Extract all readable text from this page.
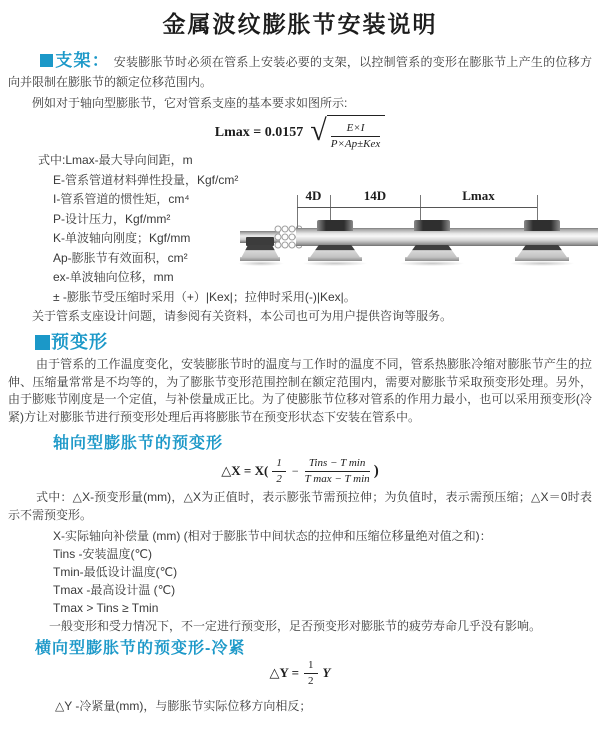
金属波纹膨胀节安装说明

支架： 安装膨胀节时必须在管系上安装必要的支架，以控制管系的变形在膨胀节上产生的位移方向并限制在膨胀节的额定位移范围内。

例如对于轴向型膨胀节，它对管系支座的基本要求如图所示:

Lmax = 0.0157 √ $\frac{E\times I}{\text{P×Ap±Kex}}$
式中:Lmax-最大导向间距，m
E-管系管道材料弹性投量，Kgf/cm²
I-管系管道的惯性矩，cm⁴
P-设计压力，Kgf/mm²
K-单波轴向刚度；Kgf/mm
Ap-膨胀节有效面积，cm²
ex-单波轴向位移，mm
± -膨胀节受压缩时采用（+）|Kex|；拉伸时采用(-)|Kex|。

关于管系支座设计问题，请参阅有关资料，本公司也可为用户提供咨询等服务。

预变形

由于管系的工作温度变化，安装膨胀节时的温度与工作时的温度不同，管系热膨胀冷缩对膨胀节产生的拉伸、压缩量常常是不均等的，为了膨胀节变形范围控制在额定范围内，需要对膨胀节采取预变形处理。另外，由于膨账节刚度是一个定值，与补偿量成正比。为了使膨胀节位移对管系的作用力最小，也可以采用预变形(冷紧)方让对膨胀节进行预变形处理后再将膨胀节在预变形状态下安装在管系中。

轴向型膨胀节的预变形
△X = $X( \frac{1}{2} - \frac{\text{Tins − T min}}{\text{T max − T min}}$ )

式中：△X-预变形量(mm)，△X为正值时，表示膨张节需预拉伸；为负值时，表示需预压缩；△X＝0时表示不需预变形。

X-实际轴向补偿量 (mm) (相对于膨胀节中间状态的拉伸和压缩位移量绝对值之和)：
Tins -安装温度(℃)
Tmin-最低设计温度(℃)
Tmax -最高设计温 (℃)
Tmax > Tins ≥ Tmin
一般变形和受力情况下，不一定进行预变形，足否预变形对膨胀节的疲劳寿命几乎没有影响。
横向型膨胀节的预变形-冷紧
△Y = $\frac{1}{2}$ Y

△Y -冷紧量(mm)，与膨胀节实际位移方向相反；

4D	14D	Lmax
